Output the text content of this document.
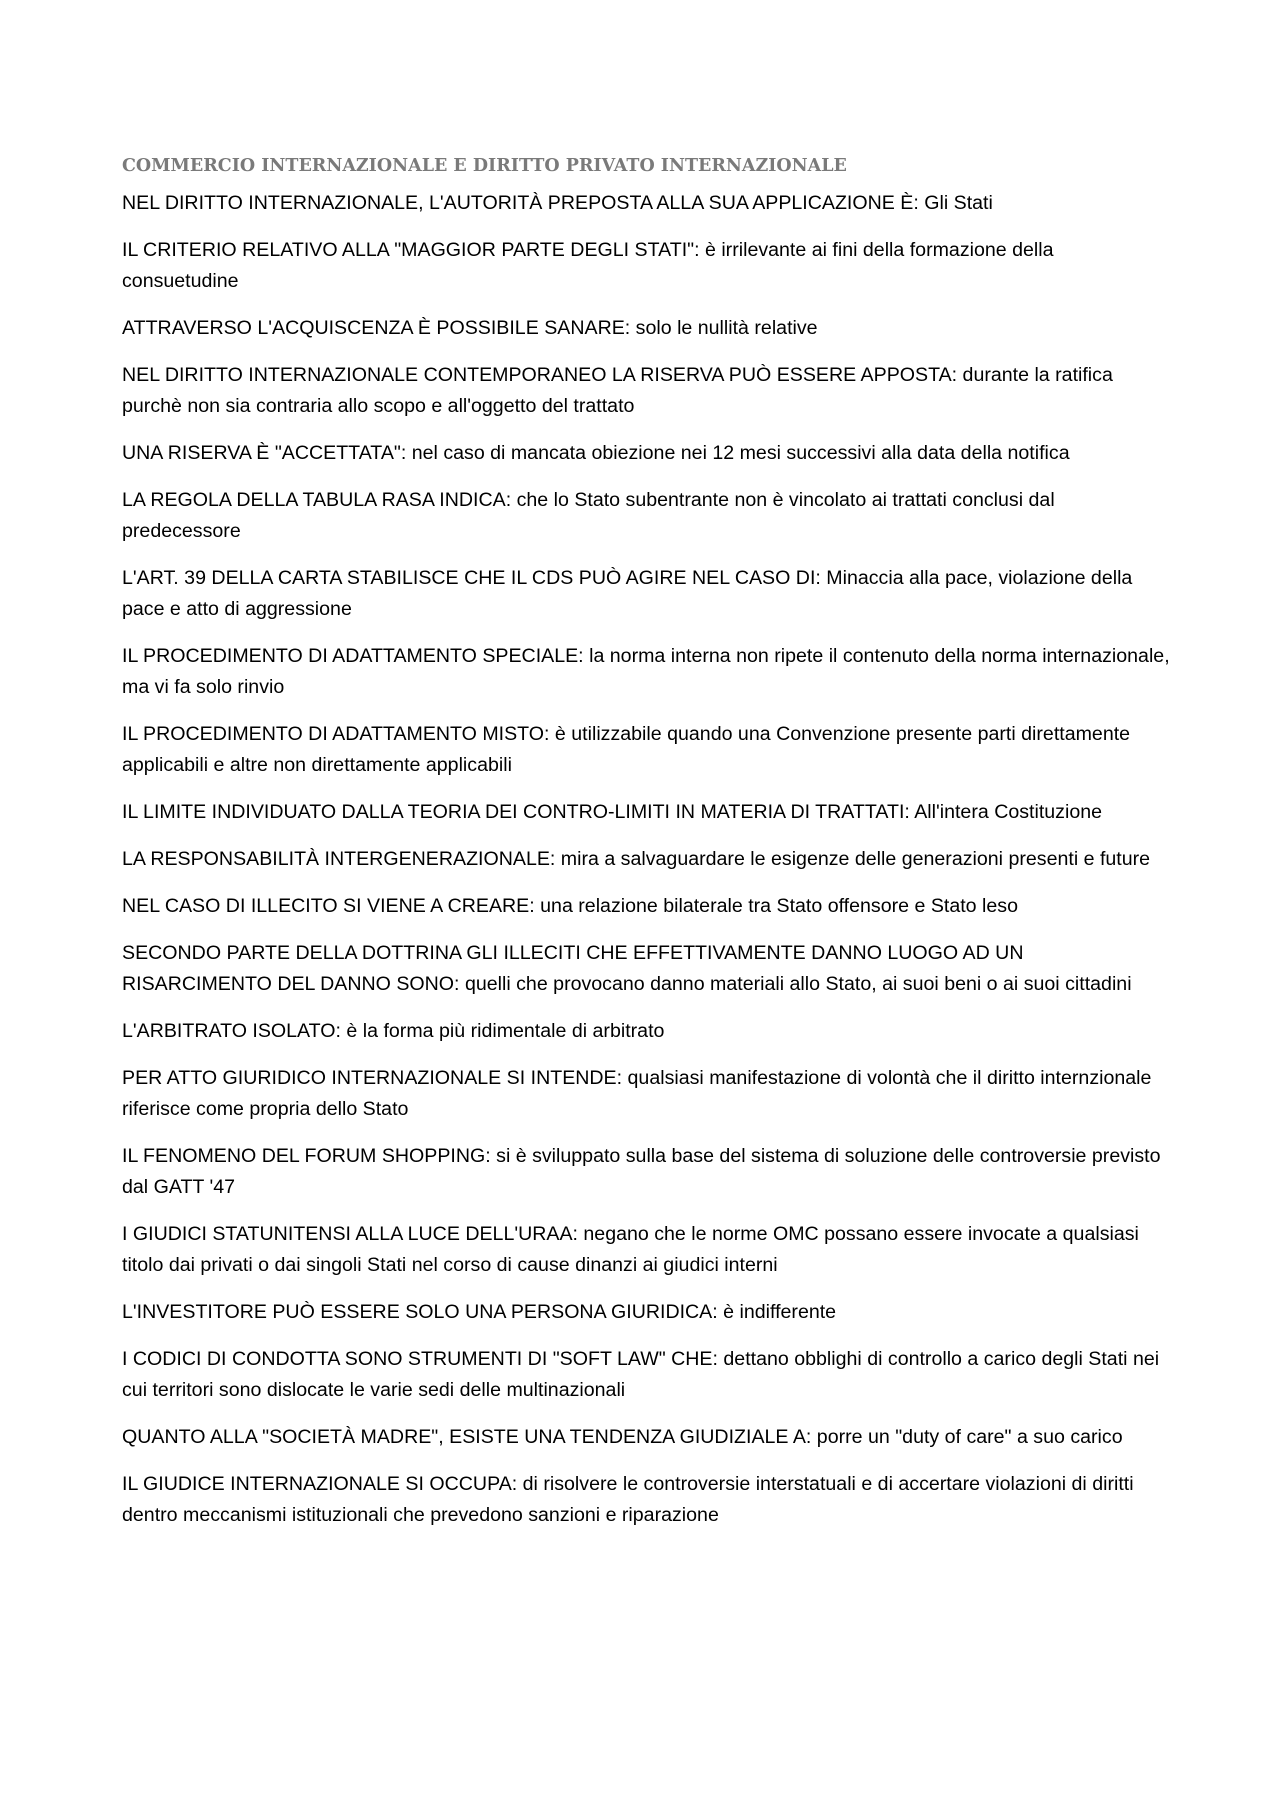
COMMERCIO INTERNAZIONALE E DIRITTO PRIVATO INTERNAZIONALE
NEL DIRITTO INTERNAZIONALE, L'AUTORITÀ PREPOSTA ALLA SUA APPLICAZIONE È: Gli Stati
IL CRITERIO RELATIVO ALLA "MAGGIOR PARTE DEGLI STATI": è irrilevante ai fini della formazione della consuetudine
ATTRAVERSO L'ACQUISCENZA È POSSIBILE SANARE: solo le nullità relative
NEL DIRITTO INTERNAZIONALE CONTEMPORANEO LA RISERVA PUÒ ESSERE APPOSTA: durante la ratifica purchè non sia contraria allo scopo e all'oggetto del trattato
UNA RISERVA È "ACCETTATA": nel caso di mancata obiezione nei 12 mesi successivi alla data della notifica
LA REGOLA DELLA TABULA RASA INDICA: che lo Stato subentrante non è vincolato ai trattati conclusi dal predecessore
L'ART. 39 DELLA CARTA STABILISCE CHE IL CDS PUÒ AGIRE NEL CASO DI: Minaccia alla pace, violazione della pace e atto di aggressione
IL PROCEDIMENTO DI ADATTAMENTO SPECIALE: la norma interna non ripete il contenuto della norma internazionale, ma vi fa solo rinvio
IL PROCEDIMENTO DI ADATTAMENTO MISTO: è utilizzabile quando una Convenzione presente parti direttamente applicabili e altre non direttamente applicabili
IL LIMITE INDIVIDUATO DALLA TEORIA DEI CONTRO-LIMITI IN MATERIA DI TRATTATI: All'intera Costituzione
LA RESPONSABILITÀ INTERGENERAZIONALE: mira a salvaguardare le esigenze delle generazioni presenti e future
NEL CASO DI ILLECITO SI VIENE A CREARE: una relazione bilaterale tra Stato offensore e Stato leso
SECONDO PARTE DELLA DOTTRINA GLI ILLECITI CHE EFFETTIVAMENTE DANNO LUOGO AD UN RISARCIMENTO DEL DANNO SONO: quelli che provocano danno materiali allo Stato, ai suoi beni o ai suoi cittadini
L'ARBITRATO ISOLATO: è la forma più ridimentale di arbitrato
PER ATTO GIURIDICO INTERNAZIONALE SI INTENDE: qualsiasi manifestazione di volontà che il diritto internzionale riferisce come propria dello Stato
IL FENOMENO DEL FORUM SHOPPING: si è sviluppato sulla base del sistema di soluzione delle controversie previsto dal GATT '47
I GIUDICI STATUNITENSI ALLA LUCE DELL'URAA: negano che le norme OMC possano essere invocate a qualsiasi titolo dai privati o dai singoli Stati nel corso di cause dinanzi ai giudici interni
L'INVESTITORE PUÒ ESSERE SOLO UNA PERSONA GIURIDICA: è indifferente
I CODICI DI CONDOTTA SONO STRUMENTI DI "SOFT LAW" CHE: dettano obblighi di controllo a carico degli Stati nei cui territori sono dislocate le varie sedi delle multinazionali
QUANTO ALLA "SOCIETÀ MADRE", ESISTE UNA TENDENZA GIUDIZIALE A: porre un "duty of care" a suo carico
IL GIUDICE INTERNAZIONALE SI OCCUPA: di risolvere le controversie interstatuali e di accertare violazioni di diritti dentro meccanismi istituzionali che prevedono sanzioni e riparazione
